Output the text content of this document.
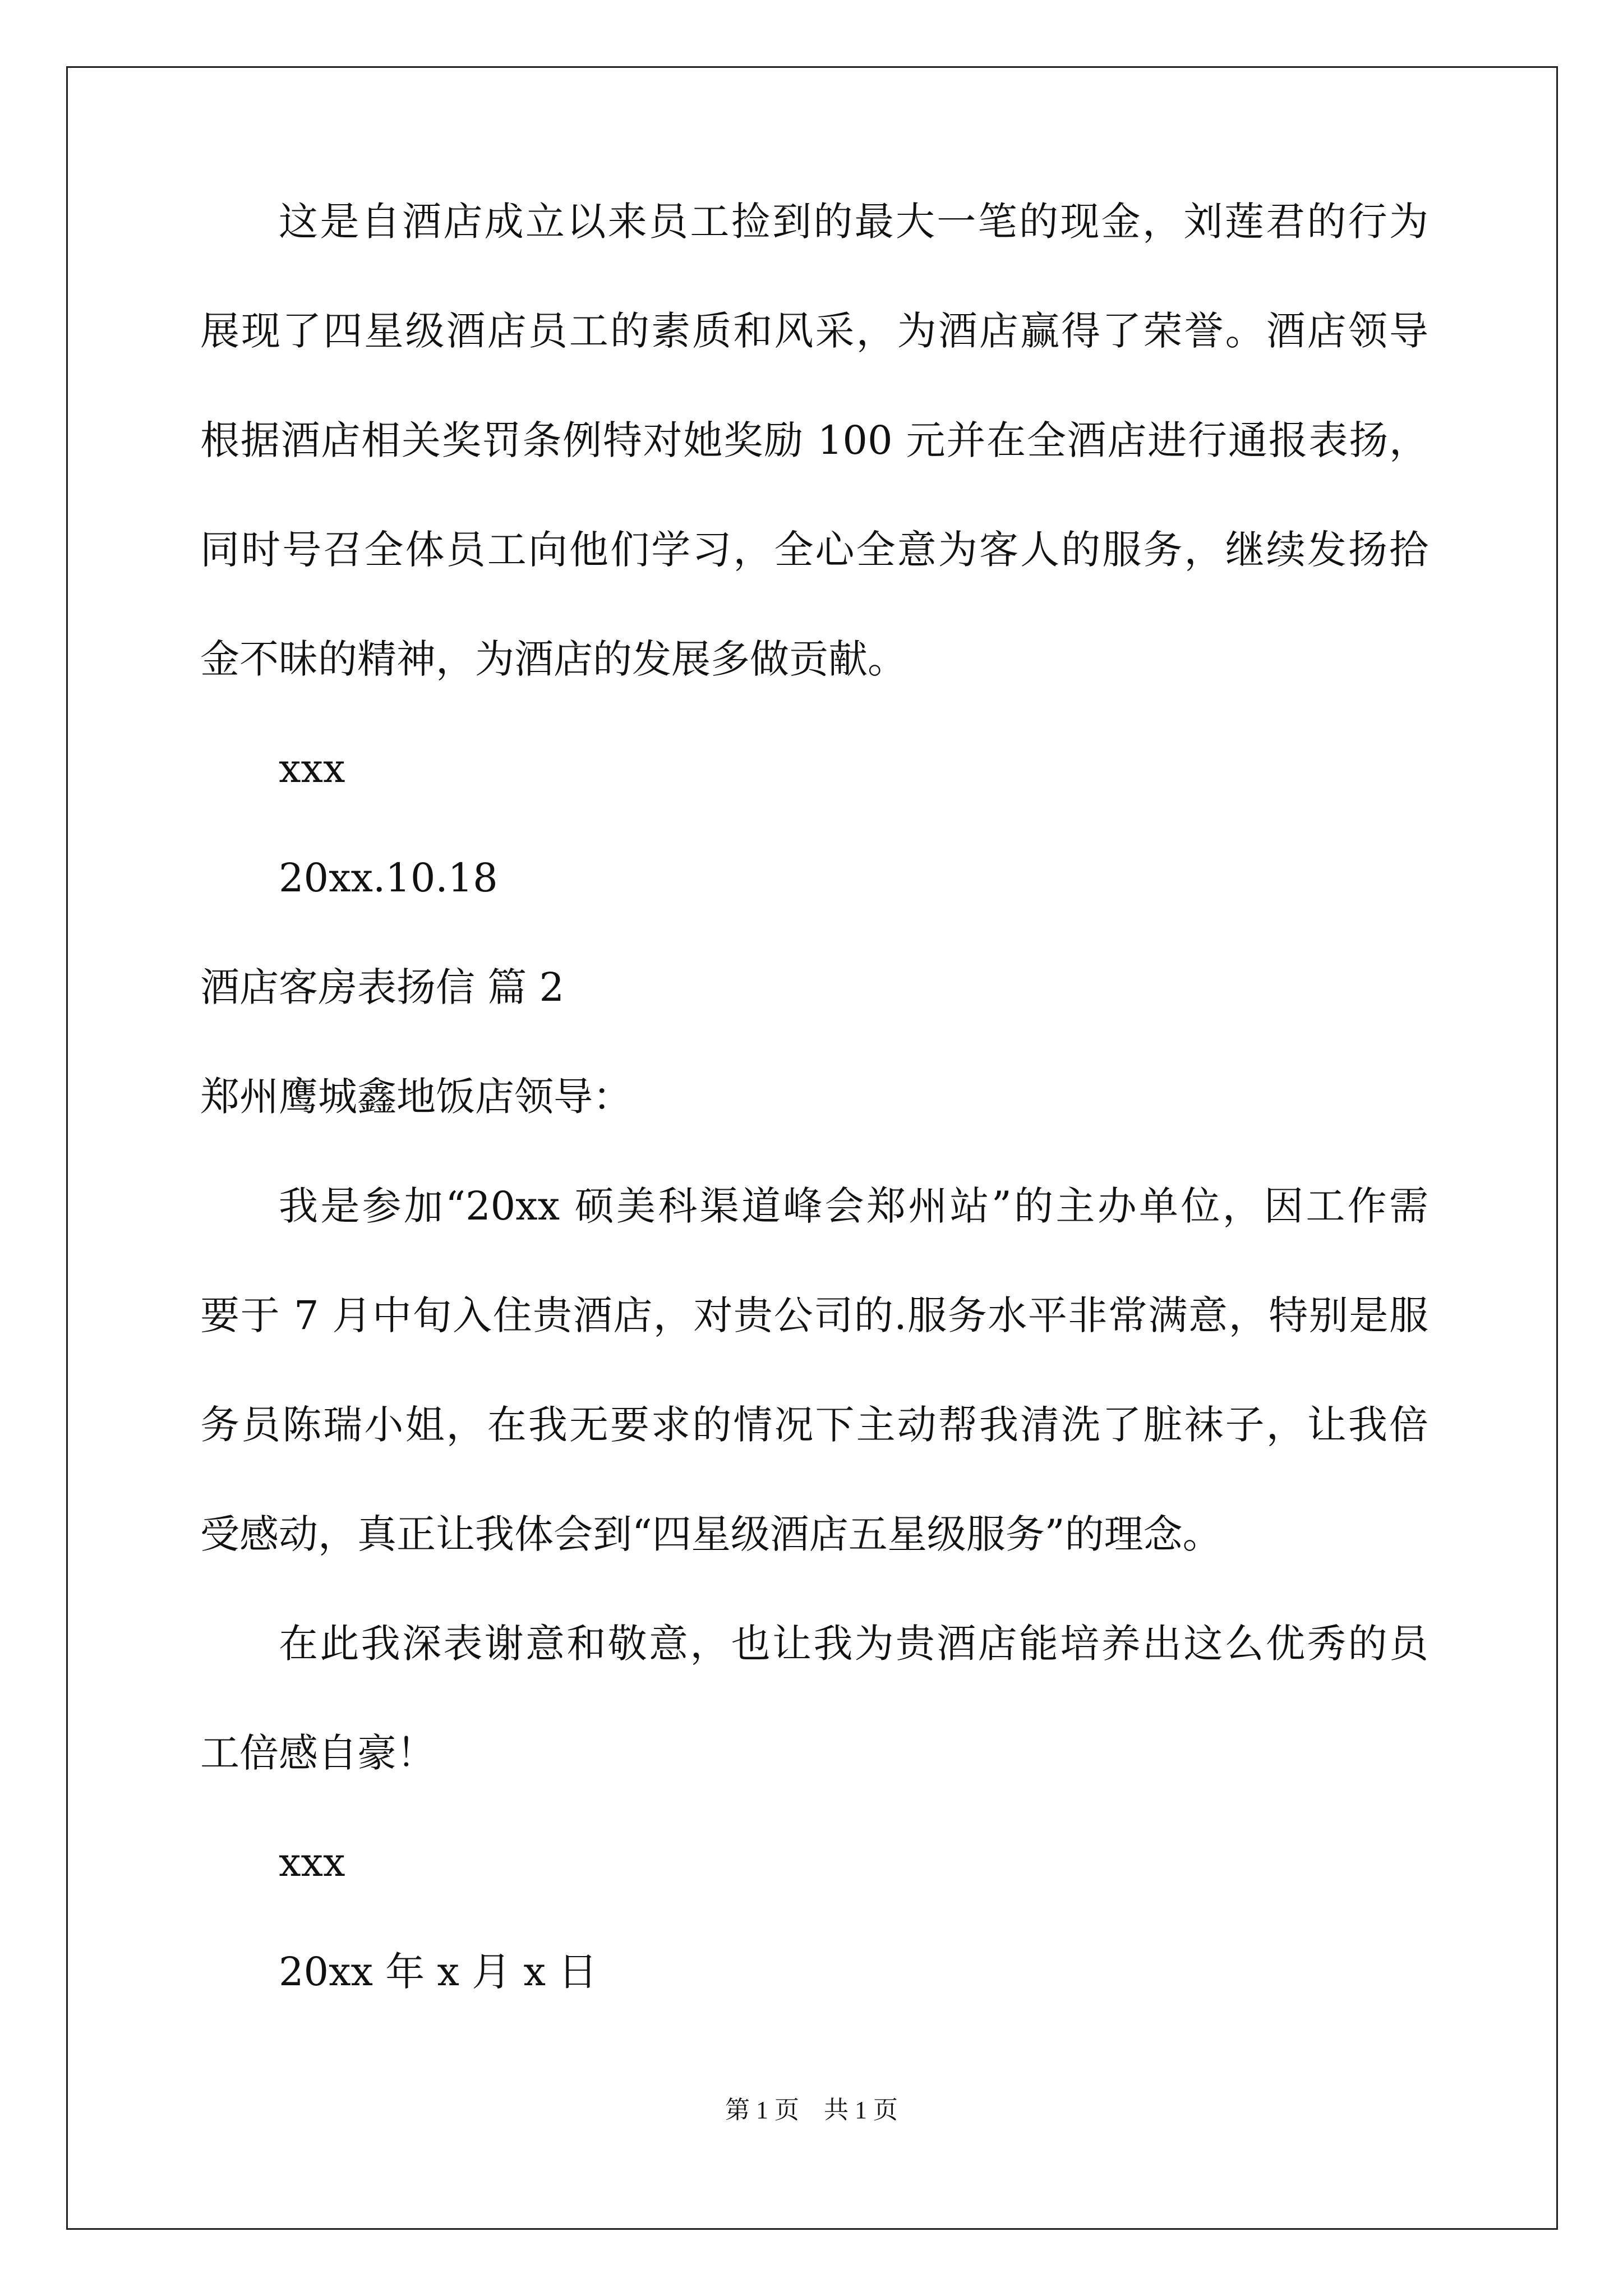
这是自酒店成立以来员工捡到的最大一笔的现金，刘莲君的行为

展现了四星级酒店员工的素质和风采，为酒店赢得了荣誉。酒店领导

根据酒店相关奖罚条例特对她奖励 100 元并在全酒店进行通报表扬，

同时号召全体员工向他们学习，全心全意为客人的服务，继续发扬拾

金不昧的精神，为酒店的发展多做贡献。

xxx

20xx.10.18

酒店客房表扬信 篇 2

郑州鹰城鑫地饭店领导：

我是参加“20xx 硕美科渠道峰会郑州站”的主办单位，因工作需

要于 7 月中旬入住贵酒店，对贵公司的.服务水平非常满意，特别是服

务员陈瑞小姐，在我无要求的情况下主动帮我清洗了脏袜子，让我倍

受感动，真正让我体会到“四星级酒店五星级服务”的理念。

在此我深表谢意和敬意，也让我为贵酒店能培养出这么优秀的员

工倍感自豪！

xxx

20xx 年 x 月 x 日

第 1 页 共 1 页
